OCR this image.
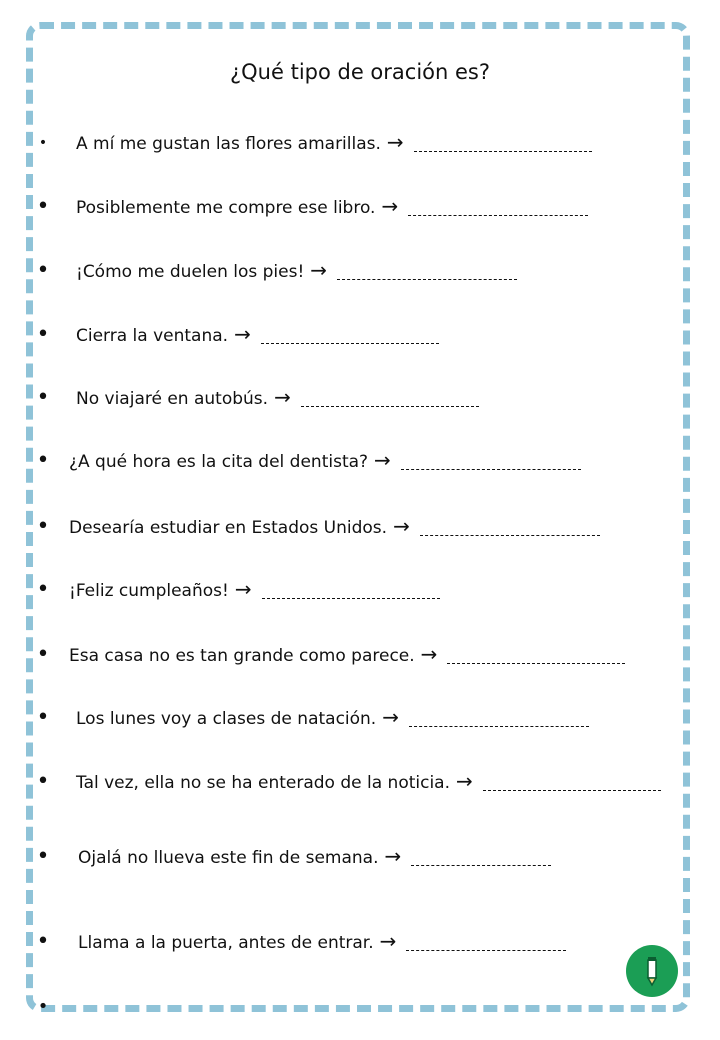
¿Qué tipo de oración es?
• A mí me gustan las flores amarillas. →
• Posiblemente me compre ese libro. →
• ¡Cómo me duelen los pies! →
• Cierra la ventana. →
• No viajaré en autobús. →
• ¿A qué hora es la cita del dentista? →
• Desearía estudiar en Estados Unidos. →
• ¡Feliz cumpleaños! →
• Esa casa no es tan grande como parece. →
• Los lunes voy a clases de natación. →
• Tal vez, ella no se ha enterado de la noticia. →
• Ojalá no llueva este fin de semana. →
• Llama a la puerta, antes de entrar. →
•
